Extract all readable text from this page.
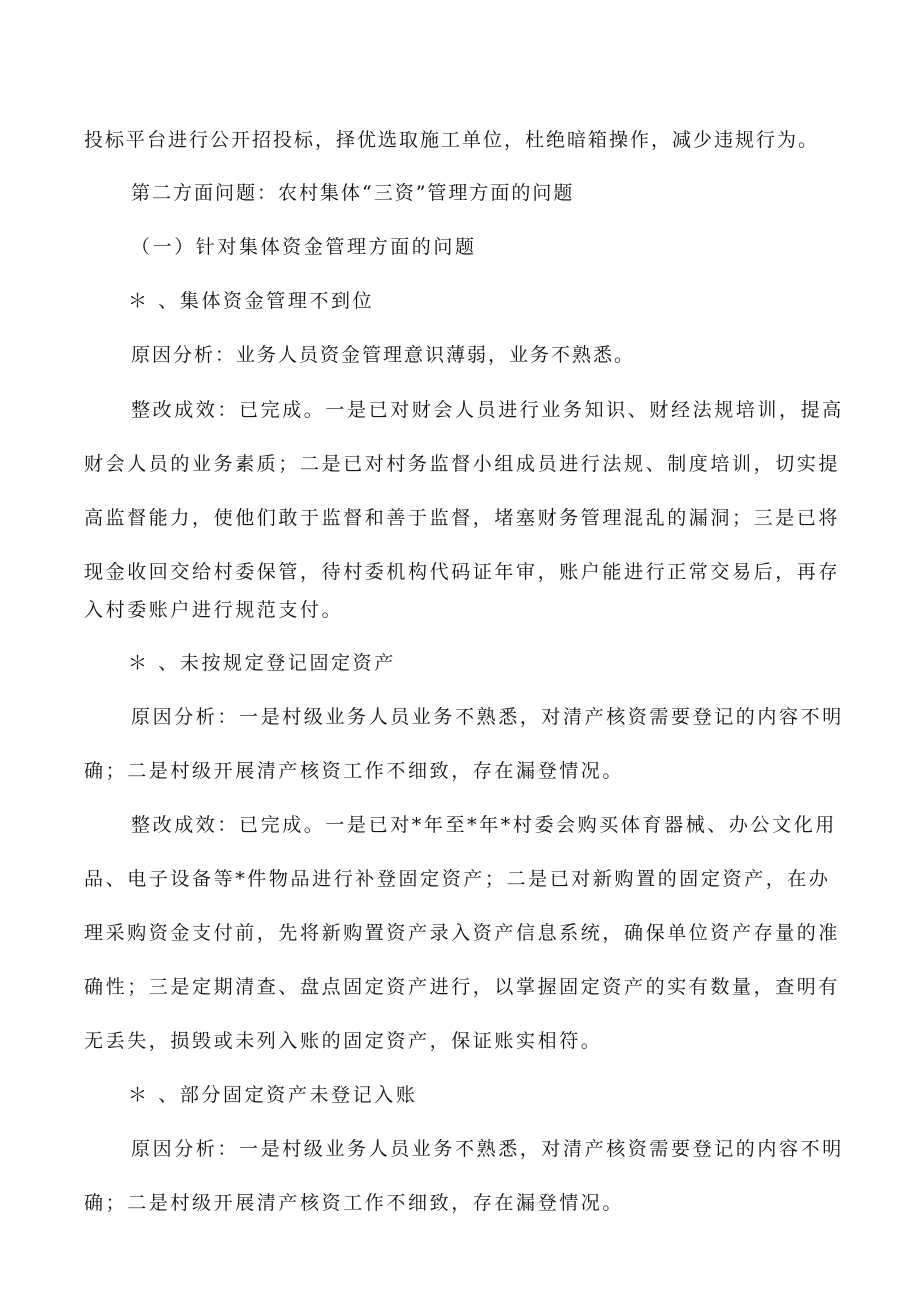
投标平台进行公开招投标，择优选取施工单位，杜绝暗箱操作，减少违规行为。
第二方面问题：农村集体“三资”管理方面的问题
（一）针对集体资金管理方面的问题
＊ 、集体资金管理不到位
原因分析：业务人员资金管理意识薄弱，业务不熟悉。
整改成效：已完成。一是已对财会人员进行业务知识、财经法规培训，提高
财会人员的业务素质；二是已对村务监督小组成员进行法规、制度培训，切实提
高监督能力，使他们敢于监督和善于监督，堵塞财务管理混乱的漏洞；三是已将
现金收回交给村委保管，待村委机构代码证年审，账户能进行正常交易后，再存
入村委账户进行规范支付。
＊ 、未按规定登记固定资产
原因分析：一是村级业务人员业务不熟悉，对清产核资需要登记的内容不明
确；二是村级开展清产核资工作不细致，存在漏登情况。
整改成效：已完成。一是已对*年至*年*村委会购买体育器械、办公文化用
品、电子设备等*件物品进行补登固定资产；二是已对新购置的固定资产，在办
理采购资金支付前，先将新购置资产录入资产信息系统，确保单位资产存量的准
确性；三是定期清查、盘点固定资产进行，以掌握固定资产的实有数量，查明有
无丢失，损毁或未列入账的固定资产，保证账实相符。
＊ 、部分固定资产未登记入账
原因分析：一是村级业务人员业务不熟悉，对清产核资需要登记的内容不明
确；二是村级开展清产核资工作不细致，存在漏登情况。
